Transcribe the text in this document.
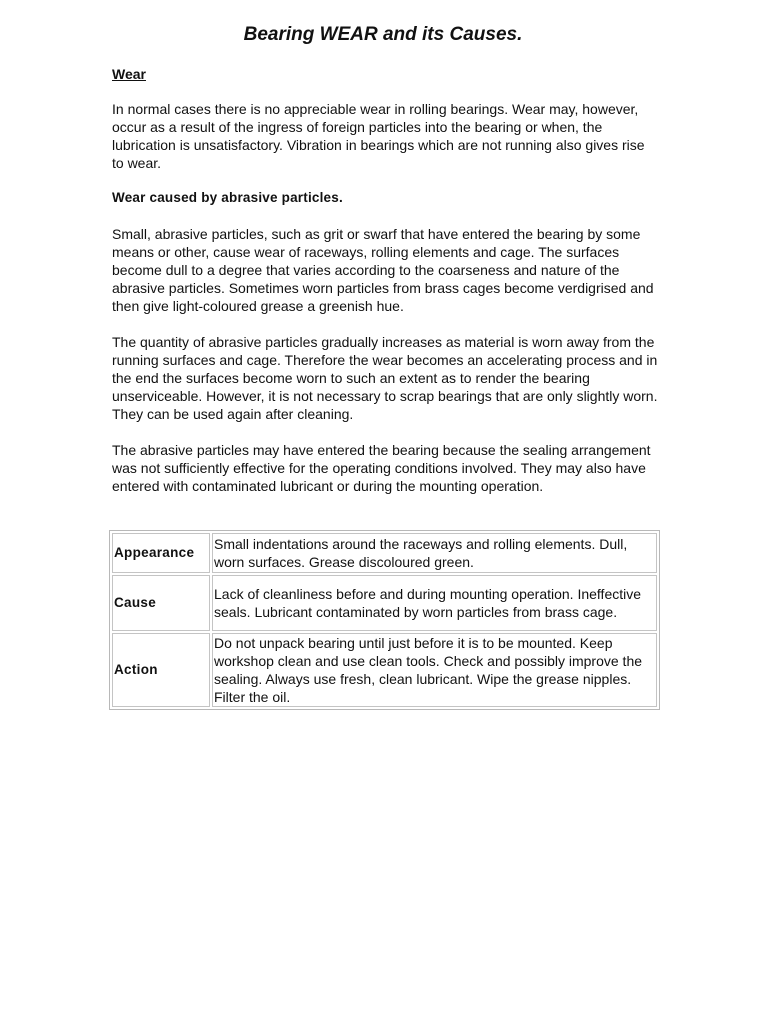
Bearing WEAR and its Causes.
Wear

In normal cases there is no appreciable wear in rolling bearings. Wear may, however, occur as a result of the ingress of foreign particles into the bearing or when, the lubrication is unsatisfactory. Vibration in bearings which are not running also gives rise to wear.

Wear caused by abrasive particles.

Small, abrasive particles, such as grit or swarf that have entered the bearing by some means or other, cause wear of raceways, rolling elements and cage. The surfaces become dull to a degree that varies according to the coarseness and nature of the abrasive particles. Sometimes worn particles from brass cages become verdigrised and then give light-coloured grease a greenish hue.

The quantity of abrasive particles gradually increases as material is worn away from the running surfaces and cage. Therefore the wear becomes an accelerating process and in the end the surfaces become worn to such an extent as to render the bearing unserviceable. However, it is not necessary to scrap bearings that are only slightly worn. They can be used again after cleaning.

The abrasive particles may have entered the bearing because the sealing arrangement was not sufficiently effective for the operating conditions involved. They may also have entered with contaminated lubricant or during the mounting operation.

Appearance	Small indentations around the raceways and rolling elements. Dull, worn surfaces. Grease discoloured green.
Cause	Lack of cleanliness before and during mounting operation. Ineffective seals. Lubricant contaminated by worn particles from brass cage.
Action	Do not unpack bearing until just before it is to be mounted. Keep workshop clean and use clean tools. Check and possibly improve the sealing. Always use fresh, clean lubricant. Wipe the grease nipples. Filter the oil.
